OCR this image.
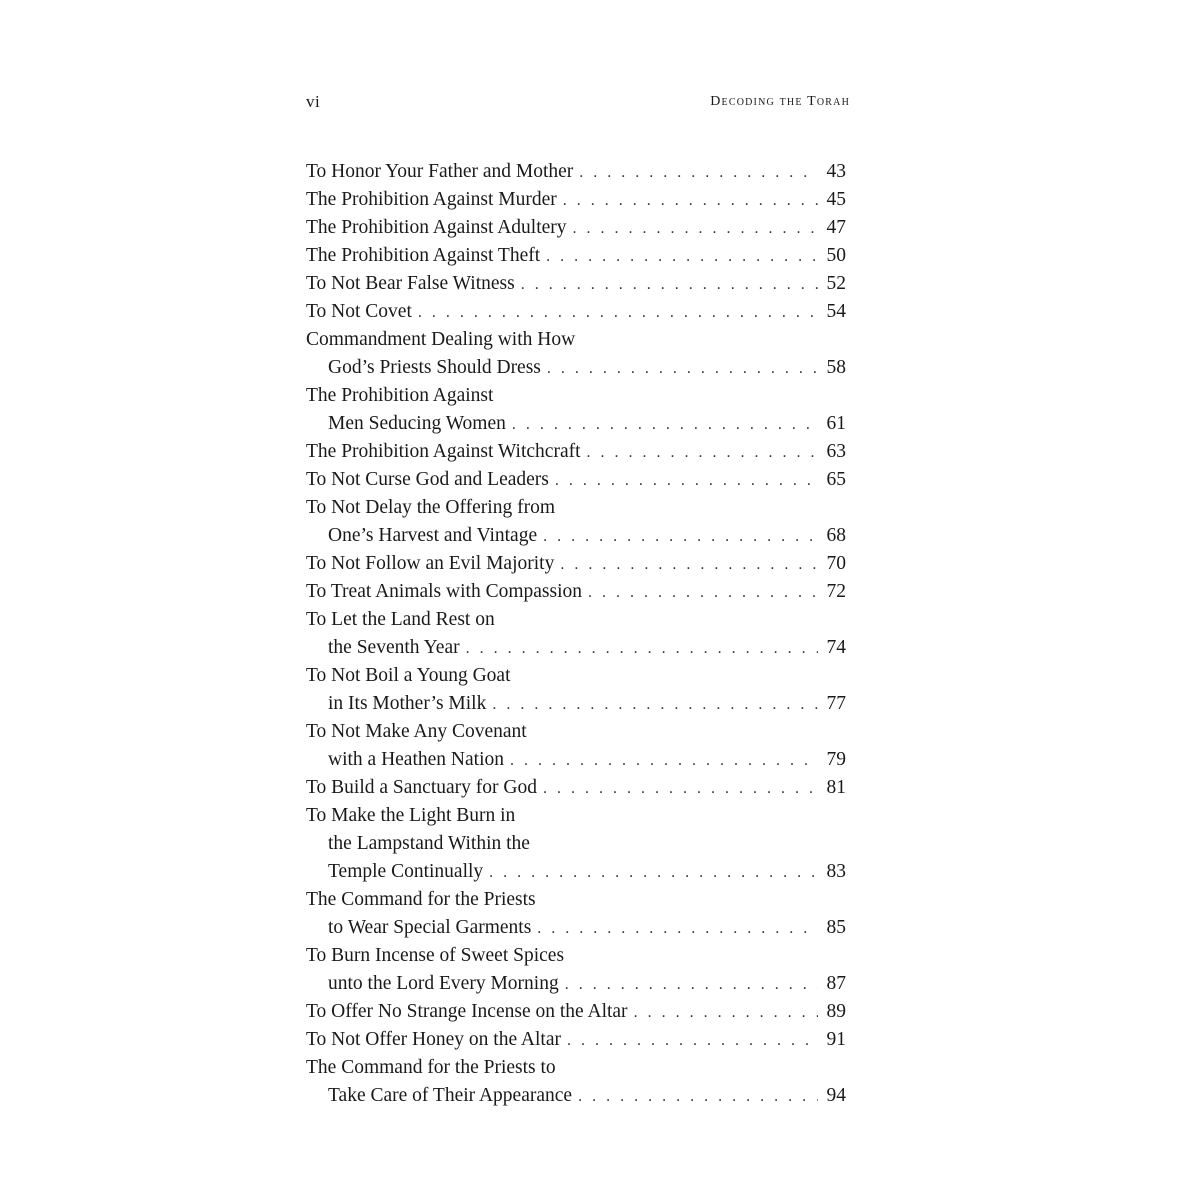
vi	Decoding the Torah
To Honor Your Father and Mother . . .	43
The Prohibition Against Murder . . .	45
The Prohibition Against Adultery . . .	47
The Prohibition Against Theft . . .	50
To Not Bear False Witness . . .	52
To Not Covet . . .	54
Commandment Dealing with How
God’s Priests Should Dress . . .	58
The Prohibition Against
Men Seducing Women . . .	61
The Prohibition Against Witchcraft . . .	63
To Not Curse God and Leaders . . .	65
To Not Delay the Offering from
One’s Harvest and Vintage . . .	68
To Not Follow an Evil Majority . . .	70
To Treat Animals with Compassion . . .	72
To Let the Land Rest on
the Seventh Year . . .	74
To Not Boil a Young Goat
in Its Mother’s Milk . . .	77
To Not Make Any Covenant
with a Heathen Nation . . .	79
To Build a Sanctuary for God . . .	81
To Make the Light Burn in
the Lampstand Within the
Temple Continually . . .	83
The Command for the Priests
to Wear Special Garments . . .	85
To Burn Incense of Sweet Spices
unto the Lord Every Morning . . .	87
To Offer No Strange Incense on the Altar . . .	89
To Not Offer Honey on the Altar . . .	91
The Command for the Priests to
Take Care of Their Appearance . . .	94
